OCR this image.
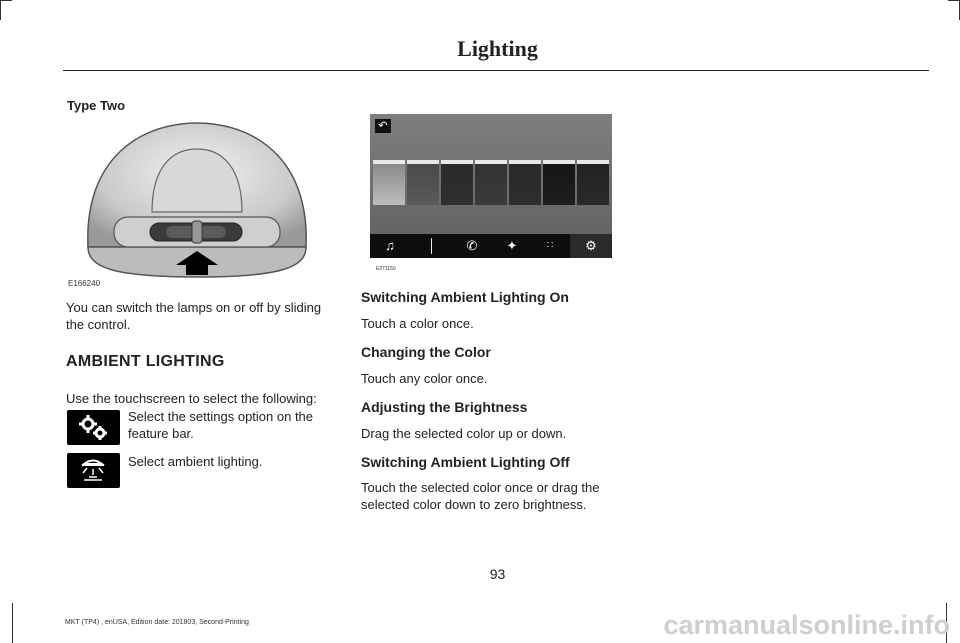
Lighting
Type Two
E166240
You can switch the lamps on or off by sliding the control.
AMBIENT LIGHTING
Use the touchscreen to select the following:
Select the settings option on the feature bar.
Select ambient lighting.
↶
♫	│	✆	✦	∷	⚙
E271150
Switching Ambient Lighting On
Touch a color once.
Changing the Color
Touch any color once.
Adjusting the Brightness
Drag the selected color up or down.
Switching Ambient Lighting Off
Touch the selected color once or drag the selected color down to zero brightness.
93
MKT (TP4) , enUSA, Edition date: 201803, Second-Printing	carmanualsonline.info
